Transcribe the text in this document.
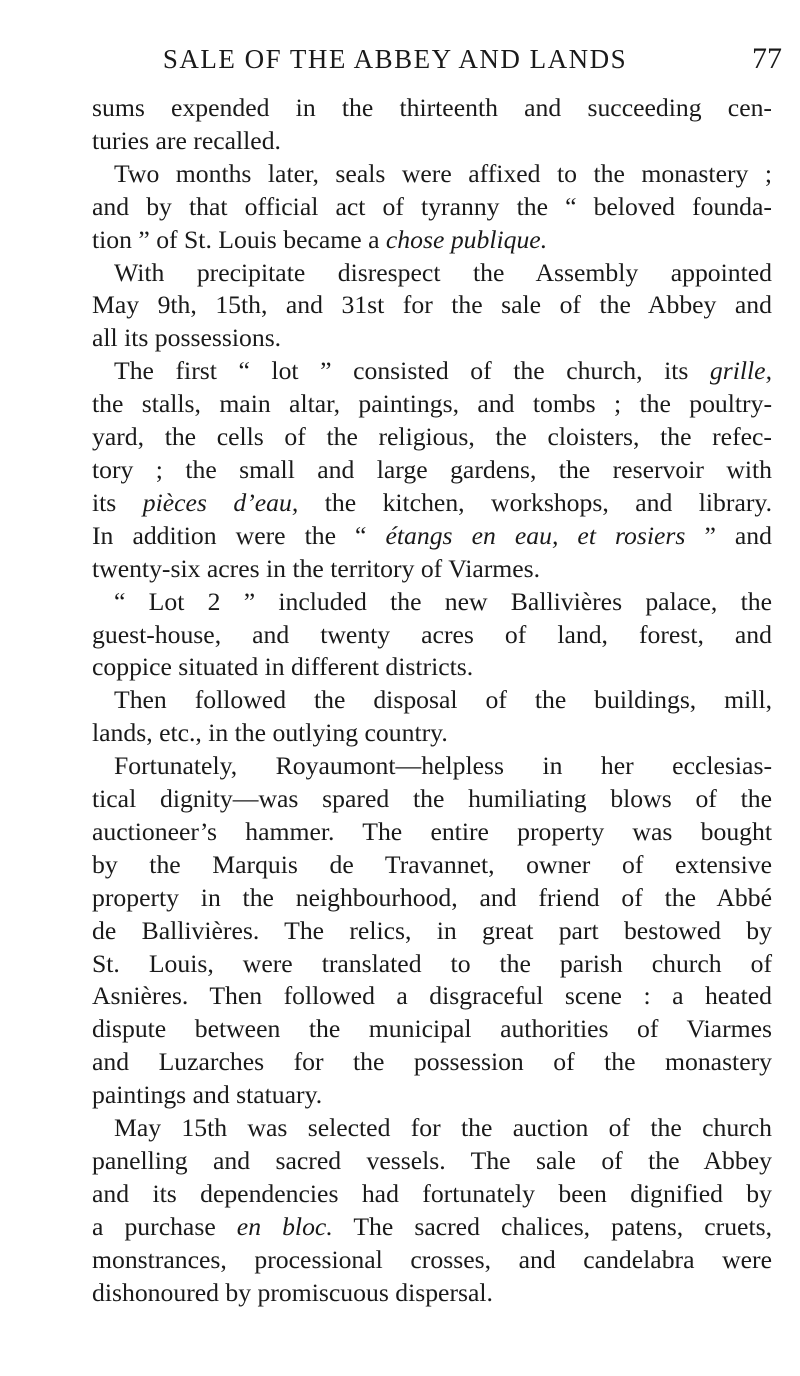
SALE OF THE ABBEY AND LANDS	77
sums expended in the thirteenth and succeeding cen-
turies are recalled.
Two months later, seals were affixed to the monastery ;
and by that official act of tyranny the “ beloved founda-
tion ” of St. Louis became a chose publique.
With precipitate disrespect the Assembly appointed
May 9th, 15th, and 31st for the sale of the Abbey and
all its possessions.
The first “ lot ” consisted of the church, its grille,
the stalls, main altar, paintings, and tombs ; the poultry-
yard, the cells of the religious, the cloisters, the refec-
tory ; the small and large gardens, the reservoir with
its pièces d’eau, the kitchen, workshops, and library.
In addition were the “ étangs en eau, et rosiers ” and
twenty-six acres in the territory of Viarmes.
“ Lot 2 ” included the new Ballivières palace, the
guest-house, and twenty acres of land, forest, and
coppice situated in different districts.
Then followed the disposal of the buildings, mill,
lands, etc., in the outlying country.
Fortunately, Royaumont—helpless in her ecclesias-
tical dignity—was spared the humiliating blows of the
auctioneer’s hammer. The entire property was bought
by the Marquis de Travannet, owner of extensive
property in the neighbourhood, and friend of the Abbé
de Ballivières. The relics, in great part bestowed by
St. Louis, were translated to the parish church of
Asnières. Then followed a disgraceful scene : a heated
dispute between the municipal authorities of Viarmes
and Luzarches for the possession of the monastery
paintings and statuary.
May 15th was selected for the auction of the church
panelling and sacred vessels. The sale of the Abbey
and its dependencies had fortunately been dignified by
a purchase en bloc. The sacred chalices, patens, cruets,
monstrances, processional crosses, and candelabra were
dishonoured by promiscuous dispersal.
